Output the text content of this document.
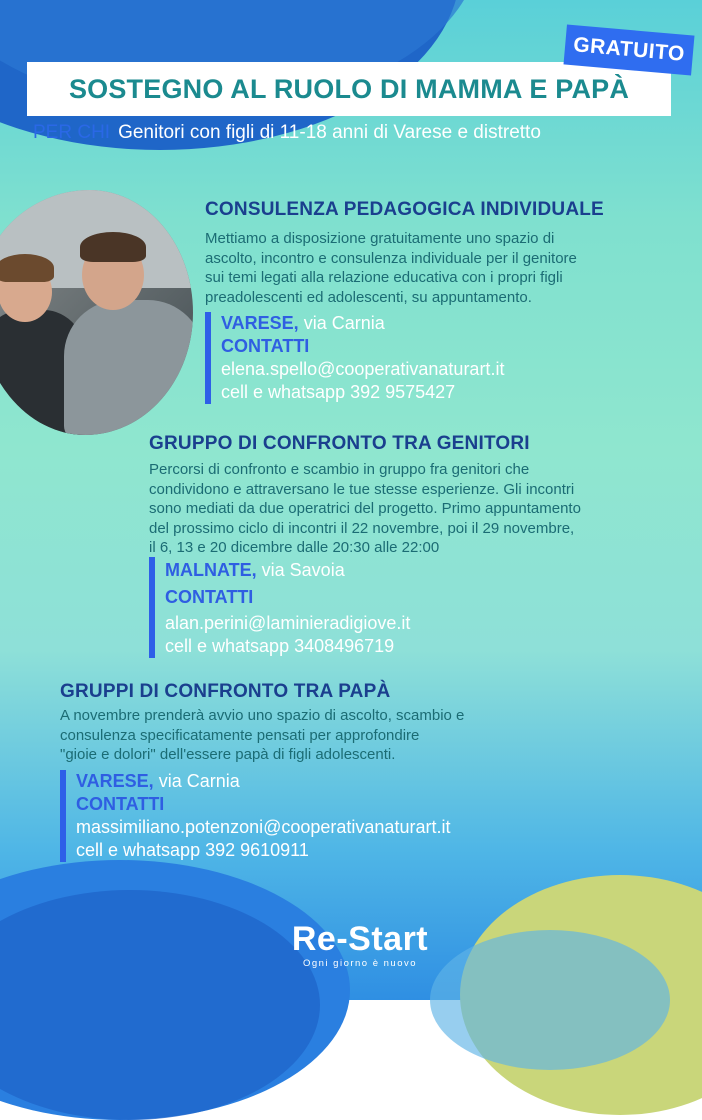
SOSTEGNO AL RUOLO DI MAMMA E PAPÀ
GRATUITO
PER CHI Genitori con figli di 11-18 anni di Varese e distretto
CONSULENZA PEDAGOGICA INDIVIDUALE
Mettiamo a disposizione gratuitamente uno spazio di
ascolto, incontro e consulenza individuale per il genitore
sui temi legati alla relazione educativa con i propri figli
preadolescenti ed adolescenti, su appuntamento.
VARESE, via Carnia
CONTATTI
elena.spello@cooperativanaturart.it
cell e whatsapp 392 9575427
GRUPPO DI CONFRONTO TRA GENITORI
Percorsi di confronto e scambio in gruppo fra genitori che
condividono e attraversano le tue stesse esperienze. Gli incontri
sono mediati da due operatrici del progetto. Primo appuntamento
del prossimo ciclo di incontri il 22 novembre, poi il 29 novembre,
il 6, 13 e 20 dicembre dalle 20:30 alle 22:00
MALNATE, via Savoia
CONTATTI
alan.perini@laminieradigiove.it
cell e whatsapp 3408496719
GRUPPI DI CONFRONTO TRA PAPÀ
A novembre prenderà avvio uno spazio di ascolto, scambio e
consulenza specificatamente pensati per approfondire
"gioie e dolori" dell'essere papà di figli adolescenti.
VARESE, via Carnia
CONTATTI
massimiliano.potenzoni@cooperativanaturart.it
cell e whatsapp 392 9610911
Re-Start
Ogni giorno è nuovo
